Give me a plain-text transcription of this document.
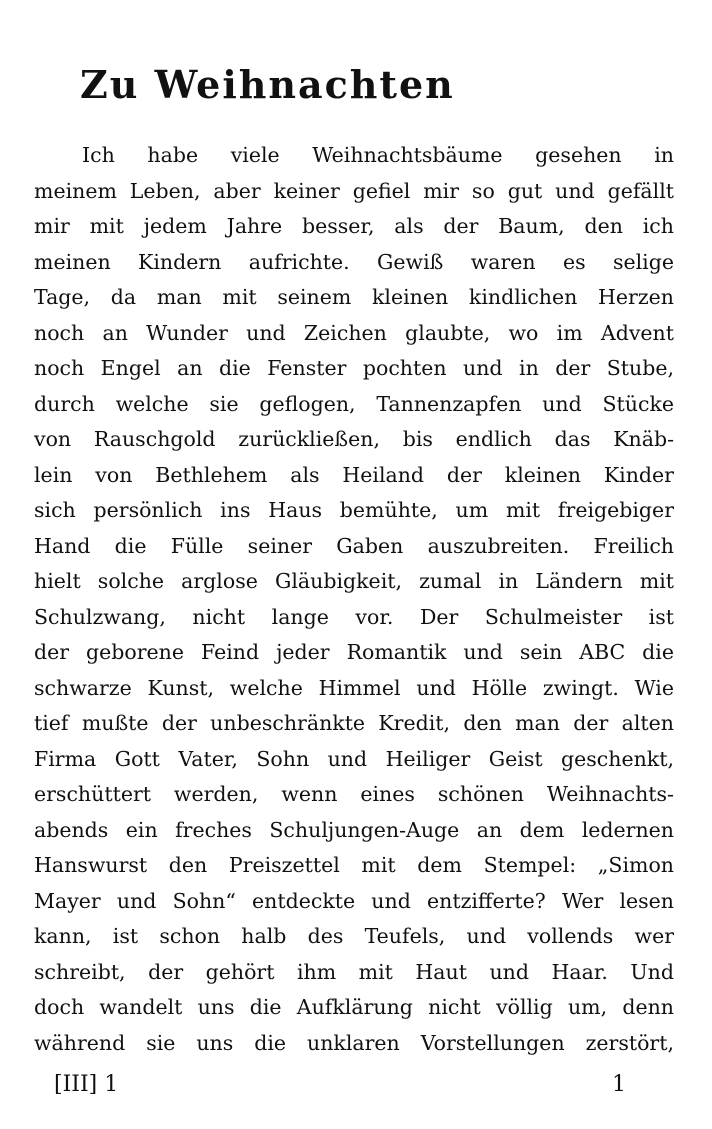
Zu Weihnachten
Ich habe viele Weihnachtsbäume gesehen in
meinem Leben, aber keiner gefiel mir so gut und gefällt
mir mit jedem Jahre besser, als der Baum, den ich
meinen Kindern aufrichte. Gewiß waren es selige
Tage, da man mit seinem kleinen kindlichen Herzen
noch an Wunder und Zeichen glaubte, wo im Advent
noch Engel an die Fenster pochten und in der Stube,
durch welche sie geflogen, Tannenzapfen und Stücke
von Rauschgold zurückließen, bis endlich das Knäb-
lein von Bethlehem als Heiland der kleinen Kinder
sich persönlich ins Haus bemühte, um mit freigebiger
Hand die Fülle seiner Gaben auszubreiten. Freilich
hielt solche arglose Gläubigkeit, zumal in Ländern mit
Schulzwang, nicht lange vor. Der Schulmeister ist
der geborene Feind jeder Romantik und sein ABC die
schwarze Kunst, welche Himmel und Hölle zwingt. Wie
tief mußte der unbeschränkte Kredit, den man der alten
Firma Gott Vater, Sohn und Heiliger Geist geschenkt,
erschüttert werden, wenn eines schönen Weihnachts-
abends ein freches Schuljungen-Auge an dem ledernen
Hanswurst den Preiszettel mit dem Stempel: „Simon
Mayer und Sohn“ entdeckte und entzifferte? Wer lesen
kann, ist schon halb des Teufels, und vollends wer
schreibt, der gehört ihm mit Haut und Haar. Und
doch wandelt uns die Aufklärung nicht völlig um, denn
während sie uns die unklaren Vorstellungen zerstört,
[III] 1	1
